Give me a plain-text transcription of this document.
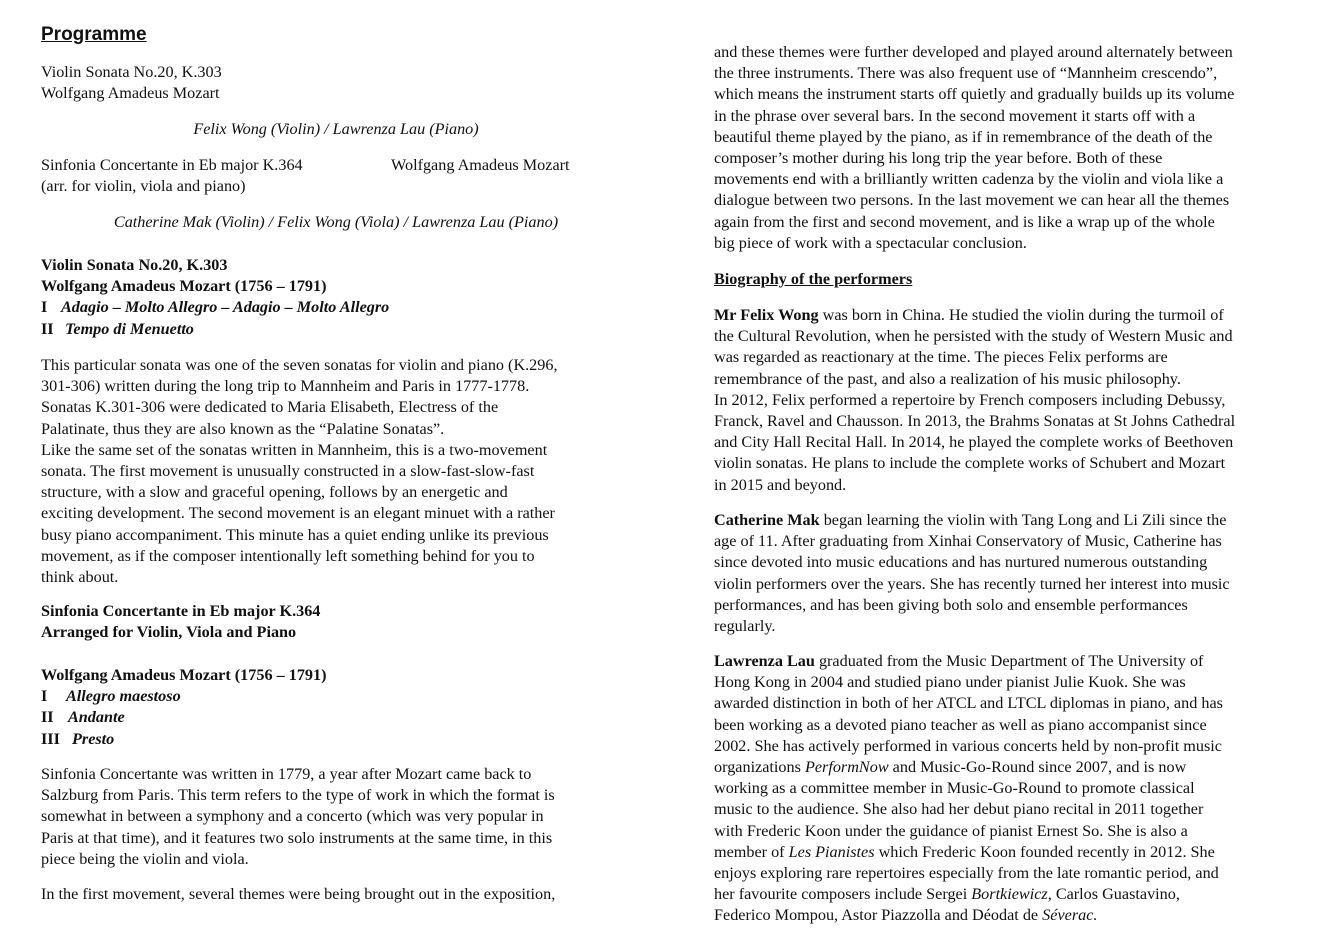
Programme
Violin Sonata No.20, K.303
Wolfgang Amadeus Mozart
Felix Wong (Violin) / Lawrenza Lau (Piano)
Sinfonia Concertante in Eb major K.364	Wolfgang Amadeus Mozart
(arr. for violin, viola and piano)
Catherine Mak (Violin) / Felix Wong (Viola) / Lawrenza Lau (Piano)
Violin Sonata No.20, K.303
Wolfgang Amadeus Mozart (1756 – 1791)
I Adagio – Molto Allegro – Adagio – Molto Allegro
II Tempo di Menuetto
This particular sonata was one of the seven sonatas for violin and piano (K.296,
301-306) written during the long trip to Mannheim and Paris in 1777-1778.
Sonatas K.301-306 were dedicated to Maria Elisabeth, Electress of the
Palatinate, thus they are also known as the “Palatine Sonatas”.
Like the same set of the sonatas written in Mannheim, this is a two-movement
sonata. The first movement is unusually constructed in a slow-fast-slow-fast
structure, with a slow and graceful opening, follows by an energetic and
exciting development. The second movement is an elegant minuet with a rather
busy piano accompaniment. This minute has a quiet ending unlike its previous
movement, as if the composer intentionally left something behind for you to
think about.
Sinfonia Concertante in Eb major K.364
Arranged for Violin, Viola and Piano
Wolfgang Amadeus Mozart (1756 – 1791)
I Allegro maestoso
II Andante
III Presto
Sinfonia Concertante was written in 1779, a year after Mozart came back to
Salzburg from Paris. This term refers to the type of work in which the format is
somewhat in between a symphony and a concerto (which was very popular in
Paris at that time), and it features two solo instruments at the same time, in this
piece being the violin and viola.
In the first movement, several themes were being brought out in the exposition,
and these themes were further developed and played around alternately between
the three instruments. There was also frequent use of “Mannheim crescendo”,
which means the instrument starts off quietly and gradually builds up its volume
in the phrase over several bars. In the second movement it starts off with a
beautiful theme played by the piano, as if in remembrance of the death of the
composer’s mother during his long trip the year before. Both of these
movements end with a brilliantly written cadenza by the violin and viola like a
dialogue between two persons. In the last movement we can hear all the themes
again from the first and second movement, and is like a wrap up of the whole
big piece of work with a spectacular conclusion.
Biography of the performers
Mr Felix Wong was born in China. He studied the violin during the turmoil of
the Cultural Revolution, when he persisted with the study of Western Music and
was regarded as reactionary at the time. The pieces Felix performs are
remembrance of the past, and also a realization of his music philosophy.
In 2012, Felix performed a repertoire by French composers including Debussy,
Franck, Ravel and Chausson. In 2013, the Brahms Sonatas at St Johns Cathedral
and City Hall Recital Hall. In 2014, he played the complete works of Beethoven
violin sonatas. He plans to include the complete works of Schubert and Mozart
in 2015 and beyond.
Catherine Mak began learning the violin with Tang Long and Li Zili since the
age of 11. After graduating from Xinhai Conservatory of Music, Catherine has
since devoted into music educations and has nurtured numerous outstanding
violin performers over the years. She has recently turned her interest into music
performances, and has been giving both solo and ensemble performances
regularly.
Lawrenza Lau graduated from the Music Department of The University of
Hong Kong in 2004 and studied piano under pianist Julie Kuok. She was
awarded distinction in both of her ATCL and LTCL diplomas in piano, and has
been working as a devoted piano teacher as well as piano accompanist since
2002. She has actively performed in various concerts held by non-profit music
organizations PerformNow and Music-Go-Round since 2007, and is now
working as a committee member in Music-Go-Round to promote classical
music to the audience. She also had her debut piano recital in 2011 together
with Frederic Koon under the guidance of pianist Ernest So. She is also a
member of Les Pianistes which Frederic Koon founded recently in 2012. She
enjoys exploring rare repertoires especially from the late romantic period, and
her favourite composers include Sergei Bortkiewicz, Carlos Guastavino,
Federico Mompou, Astor Piazzolla and Déodat de Séverac.
